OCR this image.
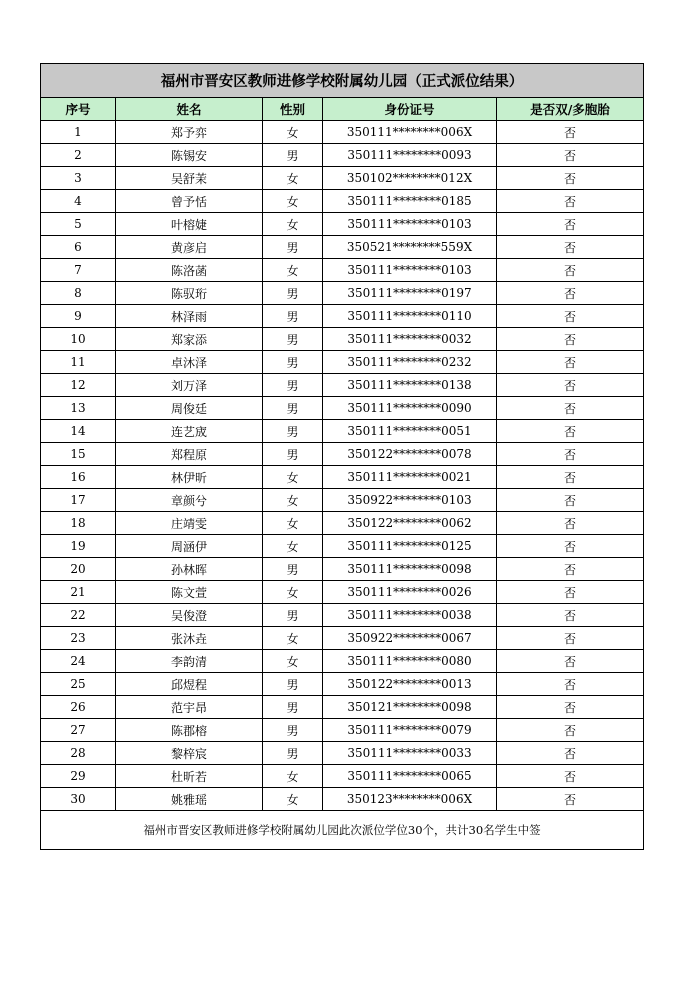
福州市晋安区教师进修学校附属幼儿园（正式派位结果）				
序号	姓名	性别	身份证号	是否双/多胞胎
1	郑予弈	女	350111********006X	否
2	陈锡安	男	350111********0093	否
3	吴舒茉	女	350102********012X	否
4	曾予恬	女	350111********0185	否
5	叶榕婕	女	350111********0103	否
6	黄彦启	男	350521********559X	否
7	陈洛菡	女	350111********0103	否
8	陈驭珩	男	350111********0197	否
9	林泽雨	男	350111********0110	否
10	郑家添	男	350111********0032	否
11	卓沐泽	男	350111********0232	否
12	刘万泽	男	350111********0138	否
13	周俊廷	男	350111********0090	否
14	连艺宬	男	350111********0051	否
15	郑程原	男	350122********0078	否
16	林伊昕	女	350111********0021	否
17	章颜兮	女	350922********0103	否
18	庄靖雯	女	350122********0062	否
19	周涵伊	女	350111********0125	否
20	孙林晖	男	350111********0098	否
21	陈文萱	女	350111********0026	否
22	吴俊澄	男	350111********0038	否
23	张沐垚	女	350922********0067	否
24	李韵清	女	350111********0080	否
25	邱煜程	男	350122********0013	否
26	范宇昂	男	350121********0098	否
27	陈郡榕	男	350111********0079	否
28	黎梓宸	男	350111********0033	否
29	杜昕若	女	350111********0065	否
30	姚雅瑶	女	350123********006X	否
福州市晋安区教师进修学校附属幼儿园此次派位学位30个，共计30名学生中签				
